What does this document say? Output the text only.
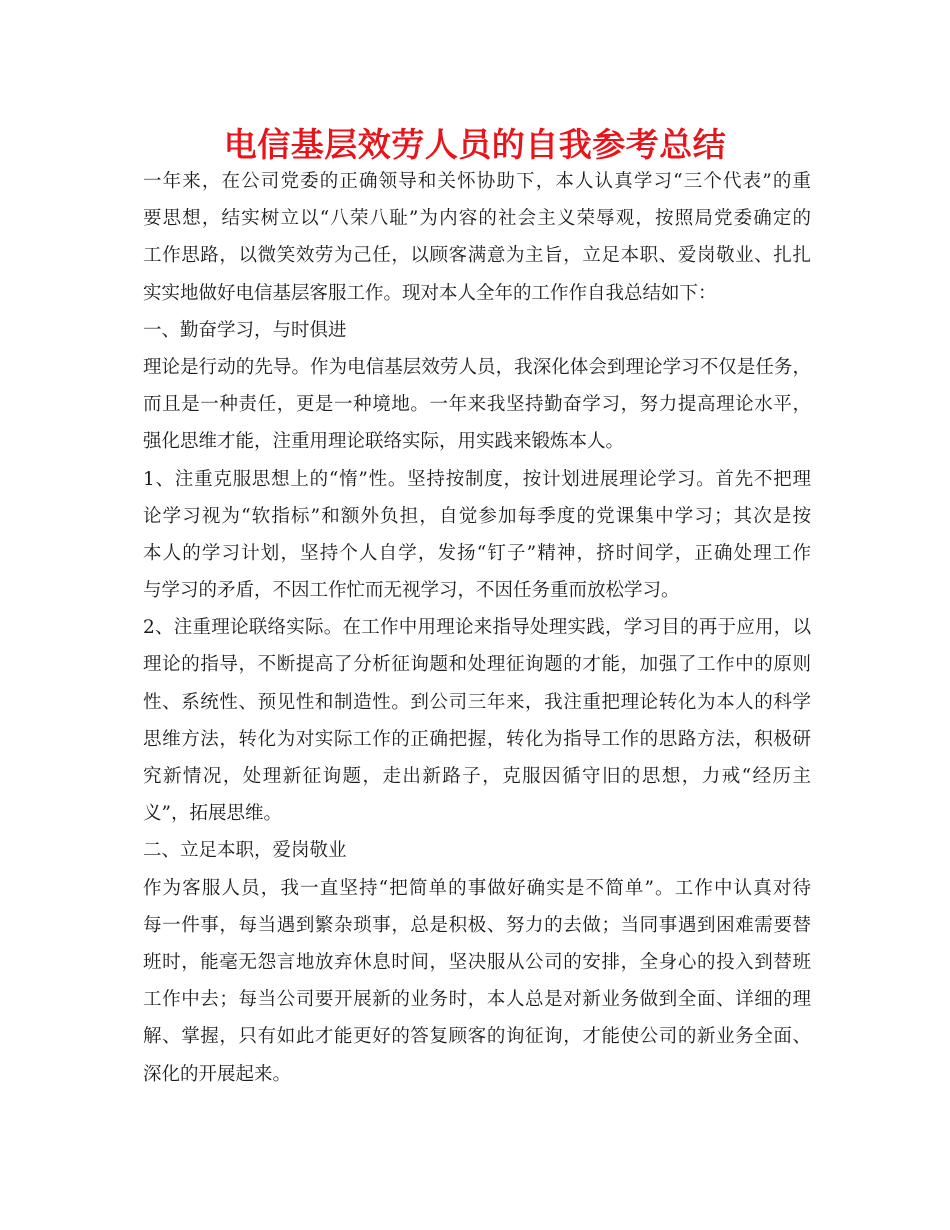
电信基层效劳人员的自我参考总结
一年来，在公司党委的正确领导和关怀协助下，本人认真学习“三个代表”的重
要思想，结实树立以“八荣八耻”为内容的社会主义荣辱观，按照局党委确定的
工作思路，以微笑效劳为己任，以顾客满意为主旨，立足本职、爱岗敬业、扎扎
实实地做好电信基层客服工作。现对本人全年的工作作自我总结如下：
一、勤奋学习，与时俱进
理论是行动的先导。作为电信基层效劳人员，我深化体会到理论学习不仅是任务，
而且是一种责任，更是一种境地。一年来我坚持勤奋学习，努力提高理论水平，
强化思维才能，注重用理论联络实际，用实践来锻炼本人。
1、注重克服思想上的“惰”性。坚持按制度，按计划进展理论学习。首先不把理
论学习视为“软指标”和额外负担，自觉参加每季度的党课集中学习；其次是按
本人的学习计划，坚持个人自学，发扬“钉子”精神，挤时间学，正确处理工作
与学习的矛盾，不因工作忙而无视学习，不因任务重而放松学习。
2、注重理论联络实际。在工作中用理论来指导处理实践，学习目的再于应用，以
理论的指导，不断提高了分析征询题和处理征询题的才能，加强了工作中的原则
性、系统性、预见性和制造性。到公司三年来，我注重把理论转化为本人的科学
思维方法，转化为对实际工作的正确把握，转化为指导工作的思路方法，积极研
究新情况，处理新征询题，走出新路子，克服因循守旧的思想，力戒“经历主
义”，拓展思维。
二、立足本职，爱岗敬业
作为客服人员，我一直坚持“把简单的事做好确实是不简单”。工作中认真对待
每一件事，每当遇到繁杂琐事，总是积极、努力的去做；当同事遇到困难需要替
班时，能毫无怨言地放弃休息时间，坚决服从公司的安排，全身心的投入到替班
工作中去；每当公司要开展新的业务时，本人总是对新业务做到全面、详细的理
解、掌握，只有如此才能更好的答复顾客的询征询，才能使公司的新业务全面、
深化的开展起来。
